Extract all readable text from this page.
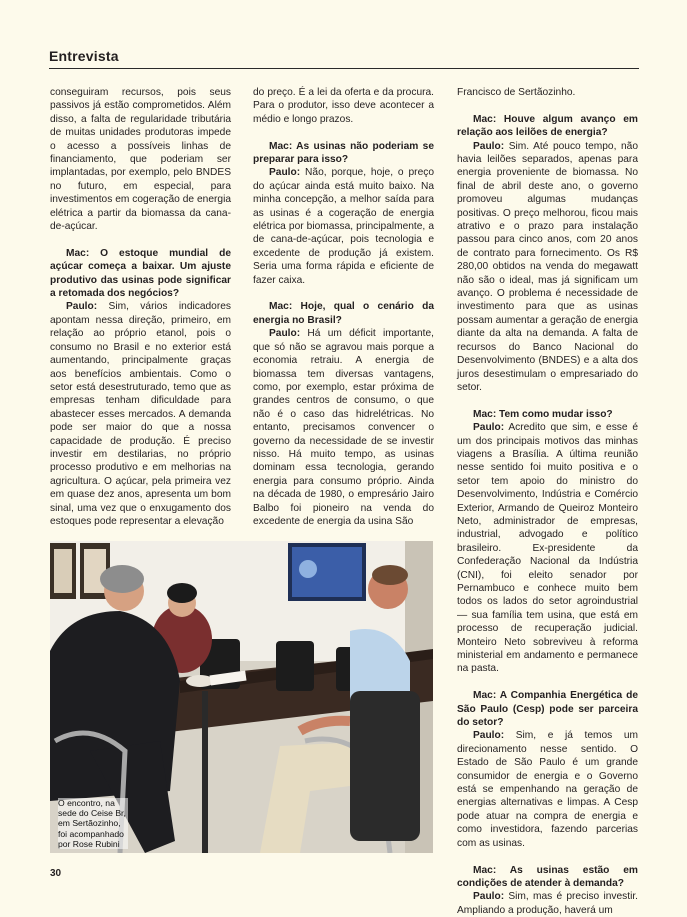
Entrevista

conseguiram recursos, pois seus passivos já estão comprometidos. Além disso, a falta de regularidade tributária de muitas unidades produtoras impede o acesso a possíveis linhas de financiamento, que poderiam ser implantadas, por exemplo, pelo BNDES no futuro, em especial, para investimentos em cogeração de energia elétrica a partir da biomassa da cana-de-açúcar.

Mac: O estoque mundial de açúcar começa a baixar. Um ajuste produtivo das usinas pode significar a retomada dos negócios?

Paulo: Sim, vários indicadores apontam nessa direção, primeiro, em relação ao próprio etanol, pois o consumo no Brasil e no exterior está aumentando, principalmente graças aos benefícios ambientais. Como o setor está desestruturado, temo que as empresas tenham dificuldade para abastecer esses mercados. A demanda pode ser maior do que a nossa capacidade de produção. É preciso investir em destilarias, no próprio processo produtivo e em melhorias na agricultura. O açúcar, pela primeira vez em quase dez anos, apresenta um bom sinal, uma vez que o enxugamento dos estoques pode representar a elevação

do preço. É a lei da oferta e da procura. Para o produtor, isso deve acontecer a médio e longo prazos.

Mac: As usinas não poderiam se preparar para isso?

Paulo: Não, porque, hoje, o preço do açúcar ainda está muito baixo. Na minha concepção, a melhor saída para as usinas é a cogeração de energia elétrica por biomassa, principalmente, a de cana-de-açúcar, pois tecnologia e excedente de produção já existem. Seria uma forma rápida e eficiente de fazer caixa.

Mac: Hoje, qual o cenário da energia no Brasil?

Paulo: Há um déficit importante, que só não se agravou mais porque a economia retraiu. A energia de biomassa tem diversas vantagens, como, por exemplo, estar próxima de grandes centros de consumo, o que não é o caso das hidrelétricas. No entanto, precisamos convencer o governo da necessidade de se investir nisso. Há muito tempo, as usinas dominam essa tecnologia, gerando energia para consumo próprio. Ainda na década de 1980, o empresário Jairo Balbo foi pioneiro na venda do excedente de energia da usina São

Francisco de Sertãozinho.

Mac: Houve algum avanço em relação aos leilões de energia?

Paulo: Sim. Até pouco tempo, não havia leilões separados, apenas para energia proveniente de biomassa. No final de abril deste ano, o governo promoveu algumas mudanças positivas. O preço melhorou, ficou mais atrativo e o prazo para instalação passou para cinco anos, com 20 anos de contrato para fornecimento. Os R$ 280,00 obtidos na venda do megawatt não são o ideal, mas já significam um avanço. O problema é necessidade de investimento para que as usinas possam aumentar a geração de energia diante da alta na demanda. A falta de recursos do Banco Nacional do Desenvolvimento (BNDES) e a alta dos juros desestimulam o empresariado do setor.

Mac: Tem como mudar isso?

Paulo: Acredito que sim, e esse é um dos principais motivos das minhas viagens a Brasília. A última reunião nesse sentido foi muito positiva e o setor tem apoio do ministro do Desenvolvimento, Indústria e Comércio Exterior, Armando de Queiroz Monteiro Neto, administrador de empresas, industrial, advogado e político brasileiro. Ex-presidente da Confederação Nacional da Indústria (CNI), foi eleito senador por Pernambuco e conhece muito bem todos os lados do setor agroindustrial — sua família tem usina, que está em processo de recuperação judicial. Monteiro Neto sobreviveu à reforma ministerial em andamento e permanece na pasta.

Mac: A Companhia Energética de São Paulo (Cesp) pode ser parceira do setor?

Paulo: Sim, e já temos um direcionamento nesse sentido. O Estado de São Paulo é um grande consumidor de energia e o Governo está se empenhando na geração de energias alternativas e limpas. A Cesp pode atuar na compra de energia e como investidora, fazendo parcerias com as usinas.

Mac: As usinas estão em condições de atender à demanda?

Paulo: Sim, mas é preciso investir. Ampliando a produção, haverá um

O encontro, na sede do Ceise Br, em Sertãozinho, foi acompanhado por Rose Rubini
30
